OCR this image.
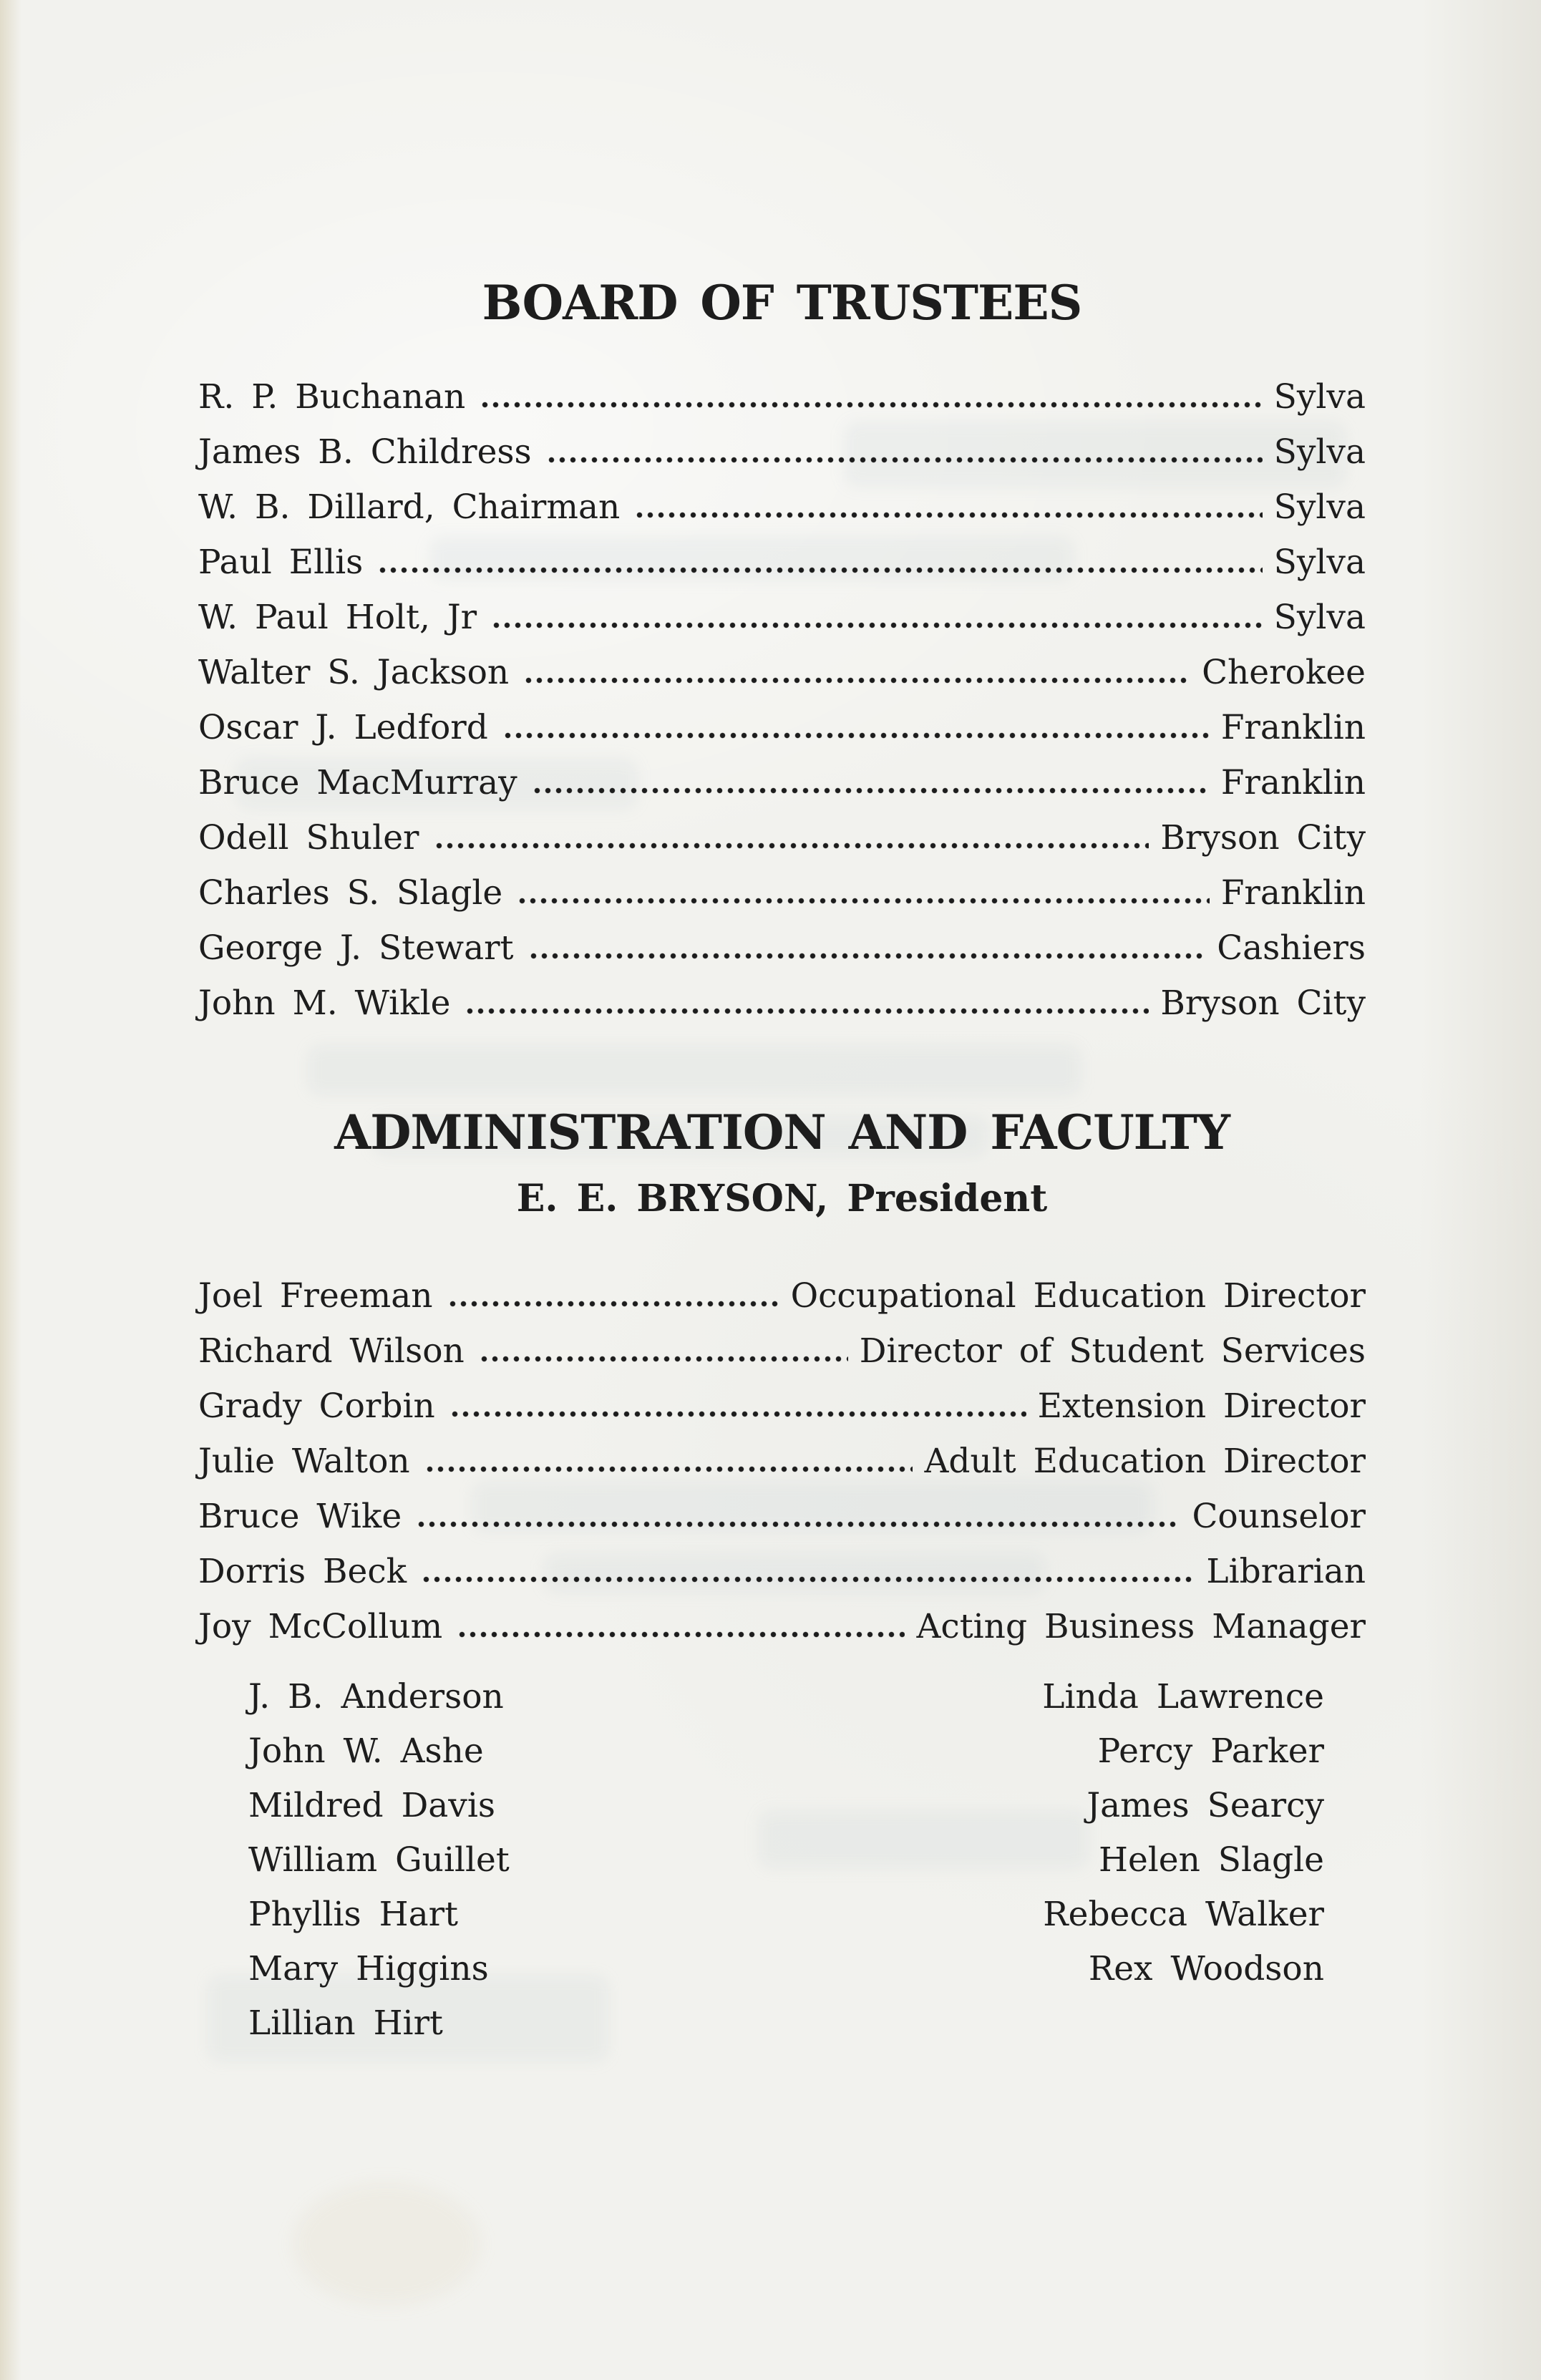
BOARD OF TRUSTEES
R. P. Buchanan	Sylva
James B. Childress	Sylva
W. B. Dillard, Chairman	Sylva
Paul Ellis	Sylva
W. Paul Holt, Jr	Sylva
Walter S. Jackson	Cherokee
Oscar J. Ledford	Franklin
Bruce MacMurray	Franklin
Odell Shuler	Bryson City
Charles S. Slagle	Franklin
George J. Stewart	Cashiers
John M. Wikle	Bryson City
ADMINISTRATION AND FACULTY
E. E. BRYSON, President
Joel Freeman	Occupational Education Director
Richard Wilson	Director of Student Services
Grady Corbin	Extension Director
Julie Walton	Adult Education Director
Bruce Wike	Counselor
Dorris Beck	Librarian
Joy McCollum	Acting Business Manager
J. B. Anderson	Linda Lawrence
John W. Ashe	Percy Parker
Mildred Davis	James Searcy
William Guillet	Helen Slagle
Phyllis Hart	Rebecca Walker
Mary Higgins	Rex Woodson
Lillian Hirt
